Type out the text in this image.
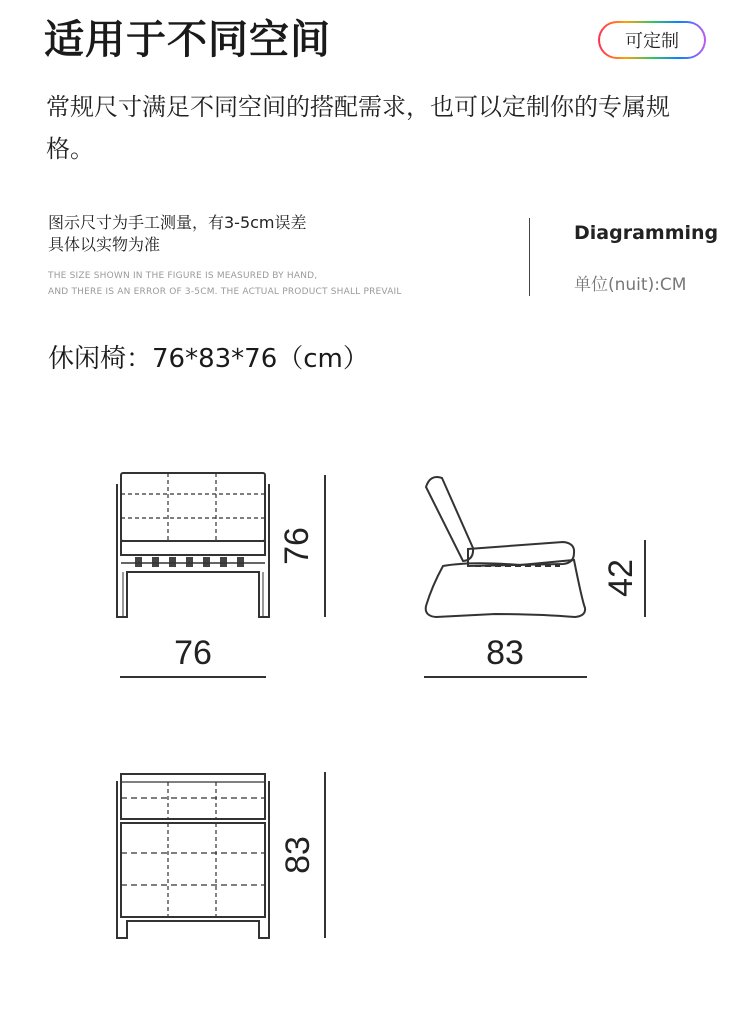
适用于不同空间	可定制
常规尺寸满足不同空间的搭配需求，也可以定制你的专属规格。
图示尺寸为手工测量，有3-5cm误差
具体以实物为准
THE SIZE SHOWN IN THE FIGURE IS MEASURED BY HAND,
AND THERE IS AN ERROR OF 3-5CM. THE ACTUAL PRODUCT SHALL PREVAIL
Diagramming
单位(nuit):CM
休闲椅：76*83*76（cm）
76
76
83
42
83
